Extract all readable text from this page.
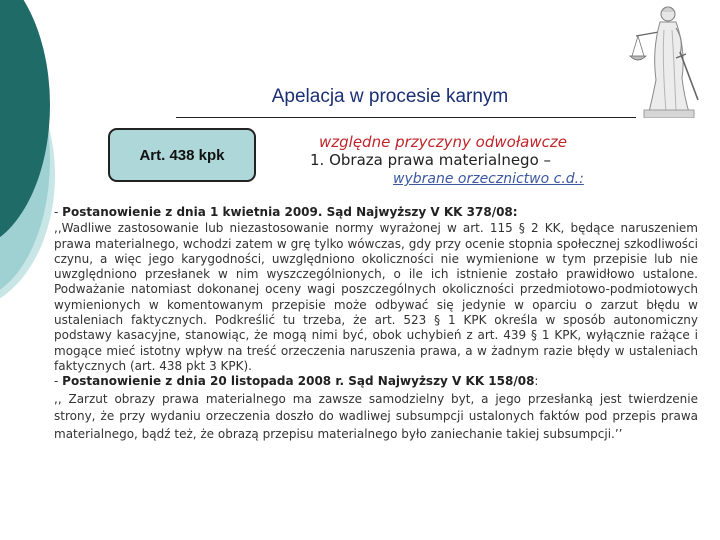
Apelacja w procesie karnym
Art. 438 kpk
względne przyczyny odwoławcze
1. Obraza prawa materialnego –
wybrane orzecznictwo c.d.:

- Postanowienie z dnia 1 kwietnia 2009. Sąd Najwyższy V KK 378/08:

,,Wadliwe zastosowanie lub niezastosowanie normy wyrażonej w art. 115 § 2 KK, będące naruszeniem prawa materialnego, wchodzi zatem w grę tylko wówczas, gdy przy ocenie stopnia społecznej szkodliwości czynu, a więc jego karygodności, uwzględniono okoliczności nie wymienione w tym przepisie lub nie uwzględniono przesłanek w nim wyszczególnionych, o ile ich istnienie zostało prawidłowo ustalone. Podważanie natomiast dokonanej oceny wagi poszczególnych okoliczności przedmiotowo-podmiotowych wymienionych w komentowanym przepisie może odbywać się jedynie w oparciu o zarzut błędu w ustaleniach faktycznych. Podkreślić tu trzeba, że art. 523 § 1 KPK określa w sposób autonomiczny podstawy kasacyjne, stanowiąc, że mogą nimi być, obok uchybień z art. 439 § 1 KPK, wyłącznie rażące i mogące mieć istotny wpływ na treść orzeczenia naruszenia prawa, a w żadnym razie błędy w ustaleniach faktycznych (art. 438 pkt 3 KPK).

- Postanowienie z dnia 20 listopada 2008 r. Sąd Najwyższy V KK 158/08:

,, Zarzut obrazy prawa materialnego ma zawsze samodzielny byt, a jego przesłanką jest twierdzenie strony, że przy wydaniu orzeczenia doszło do wadliwej subsumpcji ustalonych faktów pod przepis prawa materialnego, bądź też, że obrazą przepisu materialnego było zaniechanie takiej subsumpcji.’’
